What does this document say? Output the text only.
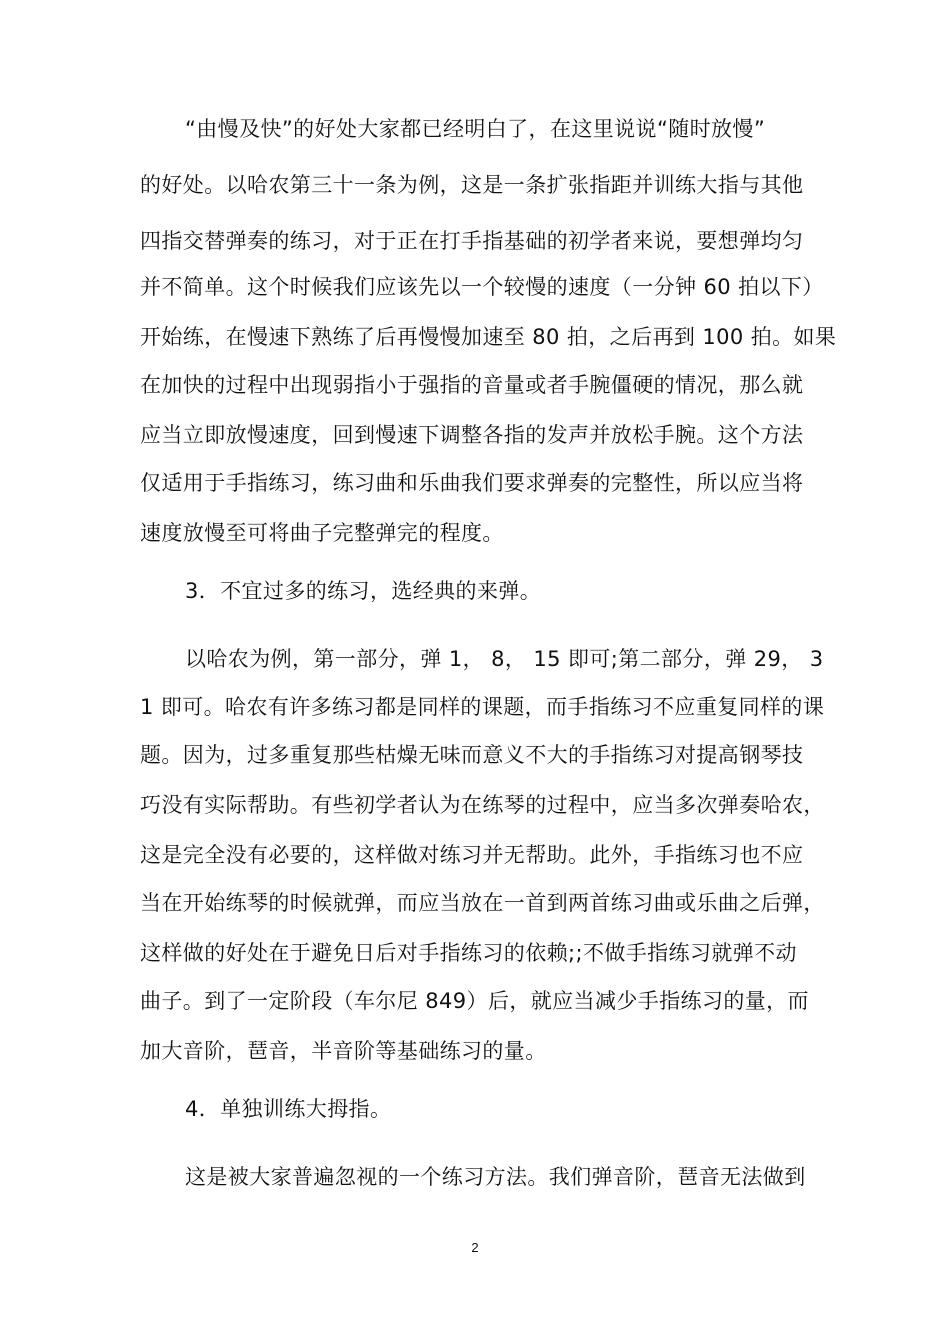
“由慢及快”的好处大家都已经明白了，在这里说说“随时放慢”
的好处。以哈农第三十一条为例，这是一条扩张指距并训练大指与其他
四指交替弹奏的练习，对于正在打手指基础的初学者来说，要想弹均匀
并不简单。这个时候我们应该先以一个较慢的速度（一分钟 60 拍以下）
开始练，在慢速下熟练了后再慢慢加速至 80 拍，之后再到 100 拍。如果
在加快的过程中出现弱指小于强指的音量或者手腕僵硬的情况，那么就
应当立即放慢速度，回到慢速下调整各指的发声并放松手腕。这个方法
仅适用于手指练习，练习曲和乐曲我们要求弹奏的完整性，所以应当将
速度放慢至可将曲子完整弹完的程度。
3．不宜过多的练习，选经典的来弹。
以哈农为例，第一部分，弹 1， 8， 15 即可;第二部分，弹 29， 3
1 即可。哈农有许多练习都是同样的课题，而手指练习不应重复同样的课
题。因为，过多重复那些枯燥无味而意义不大的手指练习对提高钢琴技
巧没有实际帮助。有些初学者认为在练琴的过程中，应当多次弹奏哈农，
这是完全没有必要的，这样做对练习并无帮助。此外，手指练习也不应
当在开始练琴的时候就弹，而应当放在一首到两首练习曲或乐曲之后弹，
这样做的好处在于避免日后对手指练习的依赖;;不做手指练习就弹不动
曲子。到了一定阶段（车尔尼 849）后，就应当减少手指练习的量，而
加大音阶，琶音，半音阶等基础练习的量。
4．单独训练大拇指。
这是被大家普遍忽视的一个练习方法。我们弹音阶，琶音无法做到
2
